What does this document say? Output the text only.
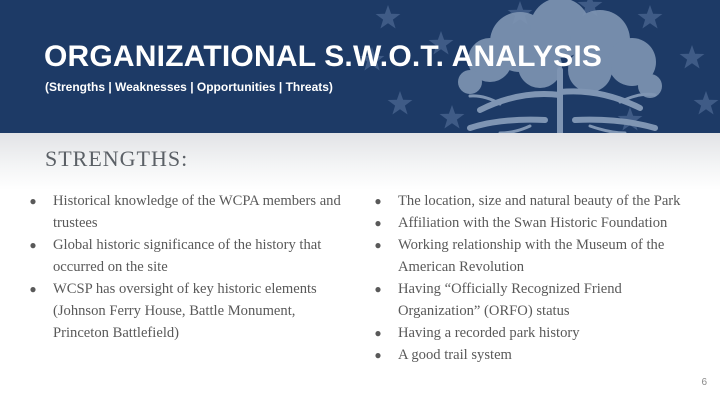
ORGANIZATIONAL S.W.O.T. ANALYSIS

(Strengths | Weaknesses | Opportunities | Threats)

STRENGTHS:
● Historical knowledge of the WCPA members and trustees
● Global historic significance of the history that occurred on the site
● WCSP has oversight of key historic elements (Johnson Ferry House, Battle Monument, Princeton Battlefield)
● The location, size and natural beauty of the Park
● Affiliation with the Swan Historic Foundation
● Working relationship with the Museum of the American Revolution
● Having “Officially Recognized Friend Organization” (ORFO) status
● Having a recorded park history
● A good trail system
6
